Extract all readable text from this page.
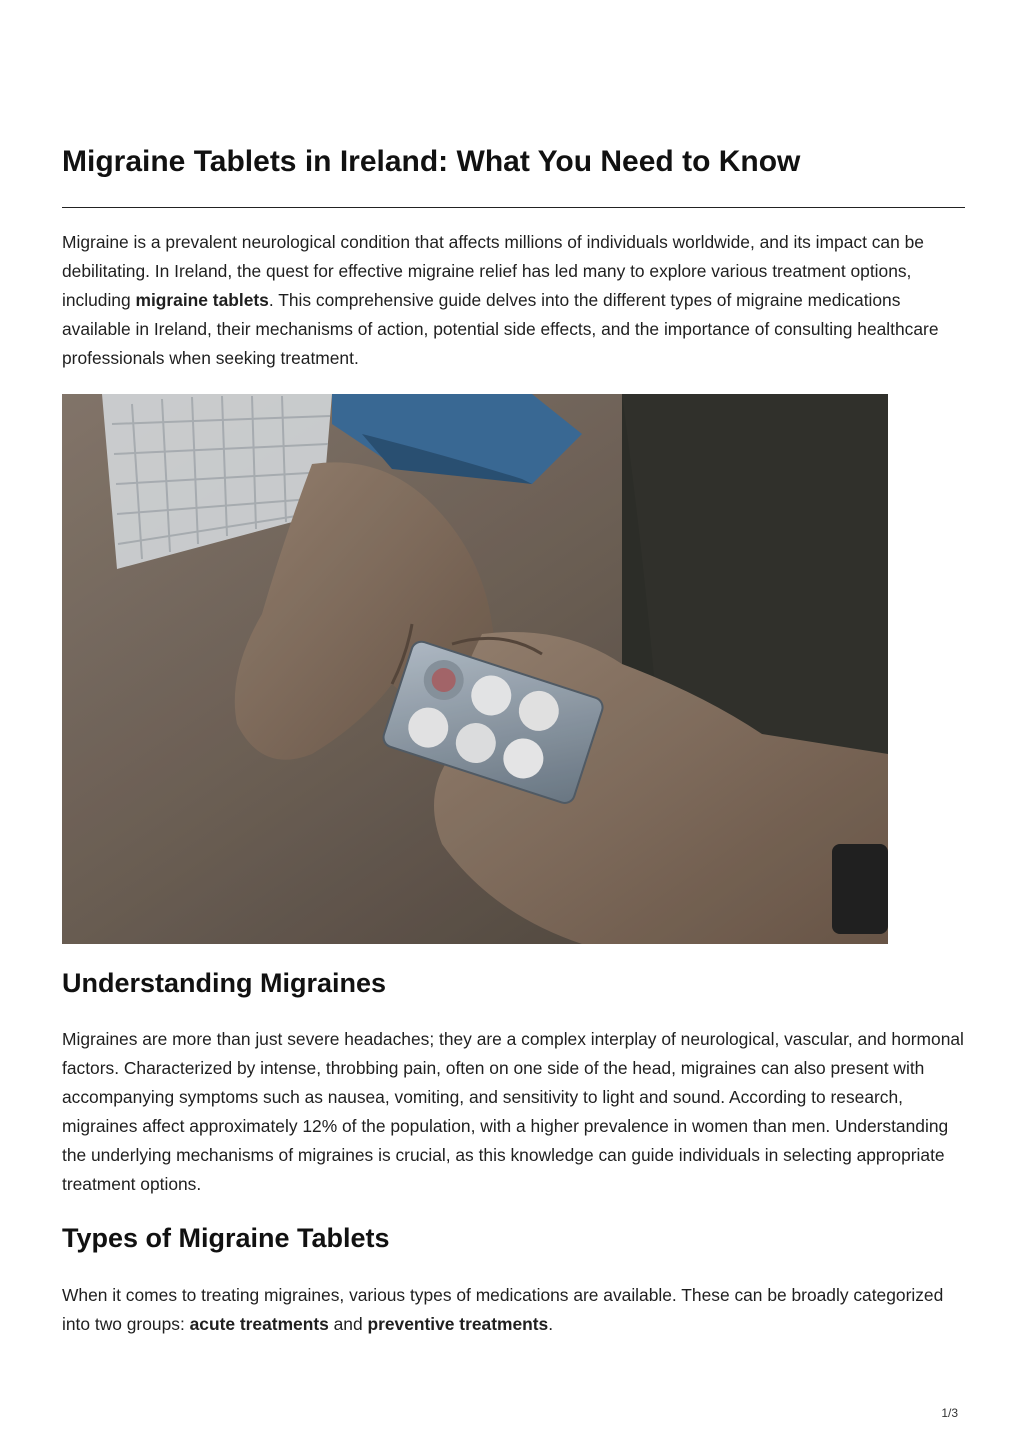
Migraine Tablets in Ireland: What You Need to Know

Migraine is a prevalent neurological condition that affects millions of individuals worldwide, and its impact can be debilitating. In Ireland, the quest for effective migraine relief has led many to explore various treatment options, including migraine tablets. This comprehensive guide delves into the different types of migraine medications available in Ireland, their mechanisms of action, potential side effects, and the importance of consulting healthcare professionals when seeking treatment.

Understanding Migraines

Migraines are more than just severe headaches; they are a complex interplay of neurological, vascular, and hormonal factors. Characterized by intense, throbbing pain, often on one side of the head, migraines can also present with accompanying symptoms such as nausea, vomiting, and sensitivity to light and sound. According to research, migraines affect approximately 12% of the population, with a higher prevalence in women than men. Understanding the underlying mechanisms of migraines is crucial, as this knowledge can guide individuals in selecting appropriate treatment options.

Types of Migraine Tablets

When it comes to treating migraines, various types of medications are available. These can be broadly categorized into two groups: acute treatments and preventive treatments.

1/3
